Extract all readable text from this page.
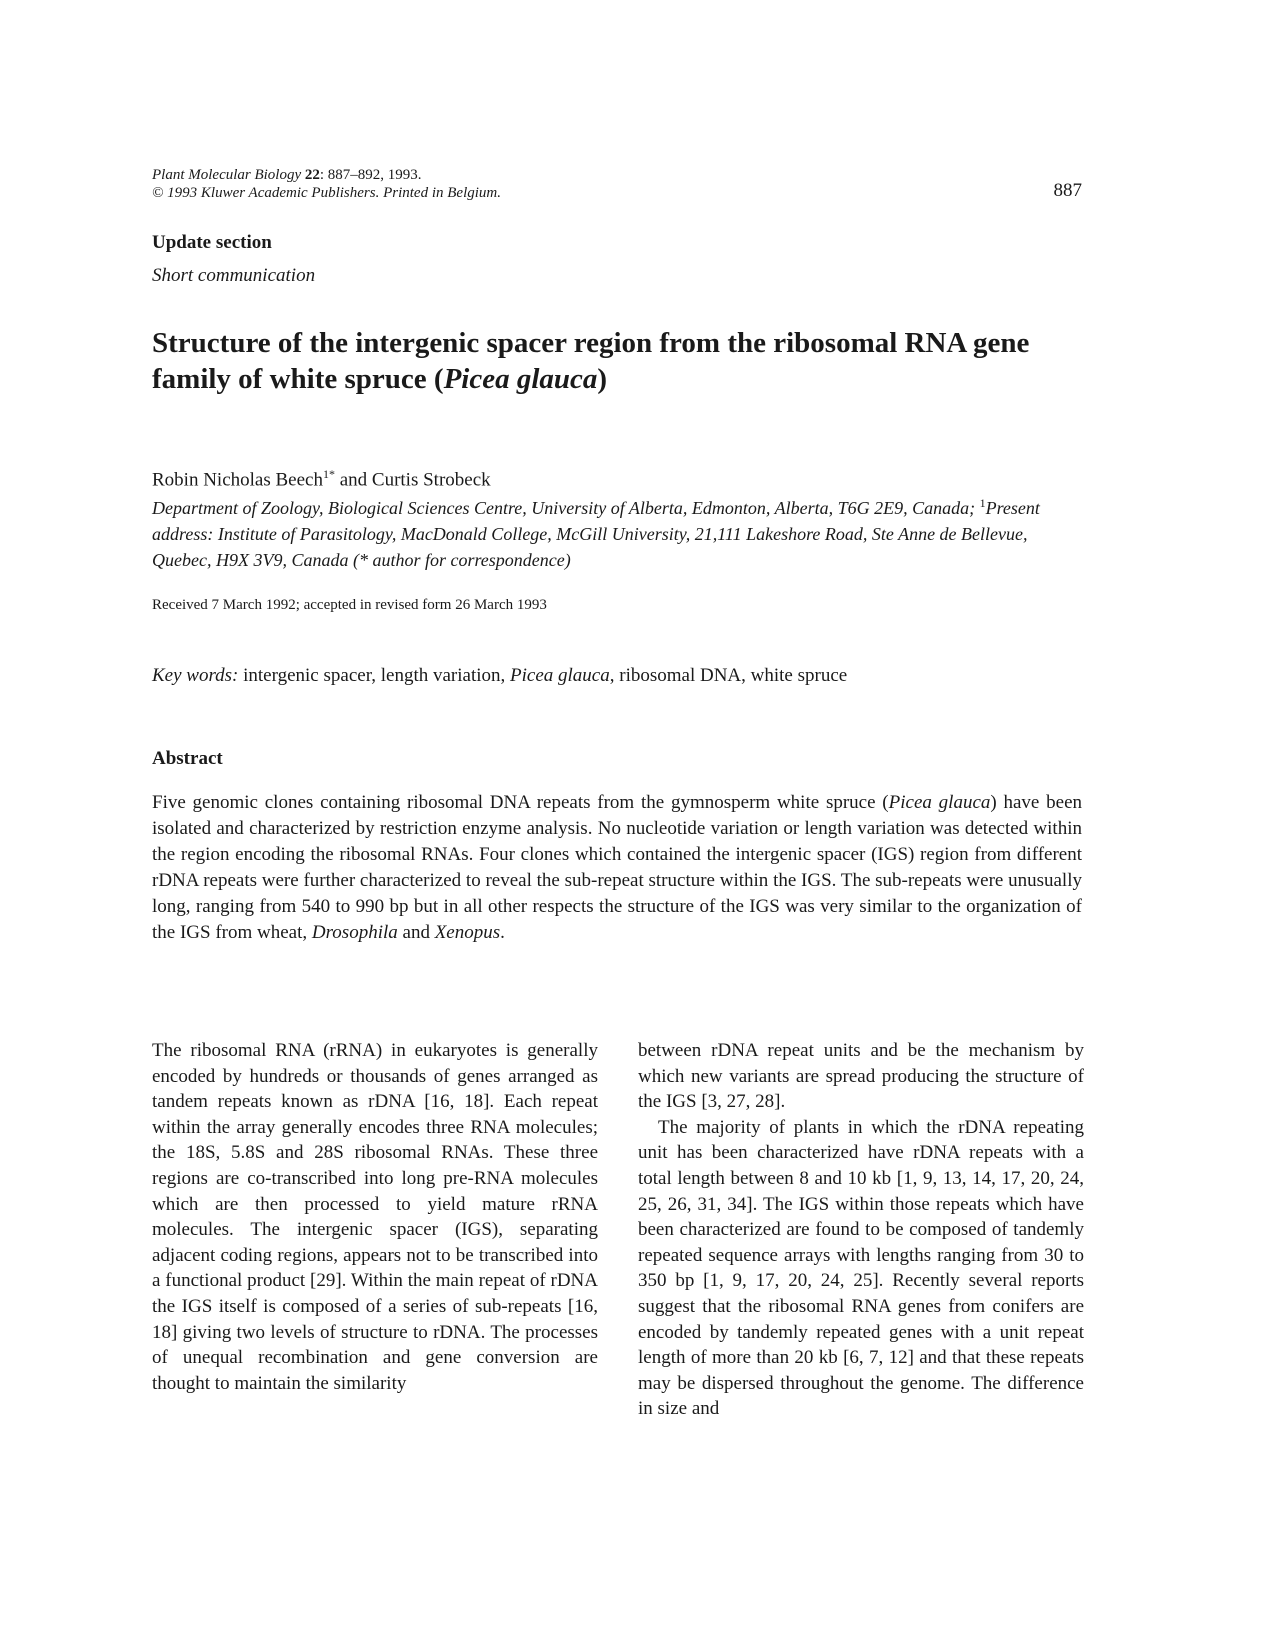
Plant Molecular Biology 22: 887–892, 1993.
© 1993 Kluwer Academic Publishers. Printed in Belgium.	887
Update section
Short communication
Structure of the intergenic spacer region from the ribosomal RNA gene family of white spruce (Picea glauca)
Robin Nicholas Beech$^{1*}$ and Curtis Strobeck
Department of Zoology, Biological Sciences Centre, University of Alberta, Edmonton, Alberta, T6G 2E9, Canada; $^1$Present address: Institute of Parasitology, MacDonald College, McGill University, 21,111 Lakeshore Road, Ste Anne de Bellevue, Quebec, H9X 3V9, Canada (* author for correspondence)
Received 7 March 1992; accepted in revised form 26 March 1993
Key words: intergenic spacer, length variation, Picea glauca, ribosomal DNA, white spruce
Abstract

Five genomic clones containing ribosomal DNA repeats from the gymnosperm white spruce (Picea glauca) have been isolated and characterized by restriction enzyme analysis. No nucleotide variation or length variation was detected within the region encoding the ribosomal RNAs. Four clones which contained the intergenic spacer (IGS) region from different rDNA repeats were further characterized to reveal the sub-repeat structure within the IGS. The sub-repeats were unusually long, ranging from 540 to 990 bp but in all other respects the structure of the IGS was very similar to the organization of the IGS from wheat, Drosophila and Xenopus.

The ribosomal RNA (rRNA) in eukaryotes is generally encoded by hundreds or thousands of genes arranged as tandem repeats known as rDNA [16, 18]. Each repeat within the array generally encodes three RNA molecules; the 18S, 5.8S and 28S ribosomal RNAs. These three regions are co-transcribed into long pre-RNA molecules which are then processed to yield mature rRNA molecules. The intergenic spacer (IGS), separating adjacent coding regions, appears not to be transcribed into a functional product [29]. Within the main repeat of rDNA the IGS itself is composed of a series of sub-repeats [16, 18] giving two levels of structure to rDNA. The processes of unequal recombination and gene conversion are thought to maintain the similarity

between rDNA repeat units and be the mechanism by which new variants are spread producing the structure of the IGS [3, 27, 28].

The majority of plants in which the rDNA repeating unit has been characterized have rDNA repeats with a total length between 8 and 10 kb [1, 9, 13, 14, 17, 20, 24, 25, 26, 31, 34]. The IGS within those repeats which have been characterized are found to be composed of tandemly repeated sequence arrays with lengths ranging from 30 to 350 bp [1, 9, 17, 20, 24, 25]. Recently several reports suggest that the ribosomal RNA genes from conifers are encoded by tandemly repeated genes with a unit repeat length of more than 20 kb [6, 7, 12] and that these repeats may be dispersed throughout the genome. The difference in size and
